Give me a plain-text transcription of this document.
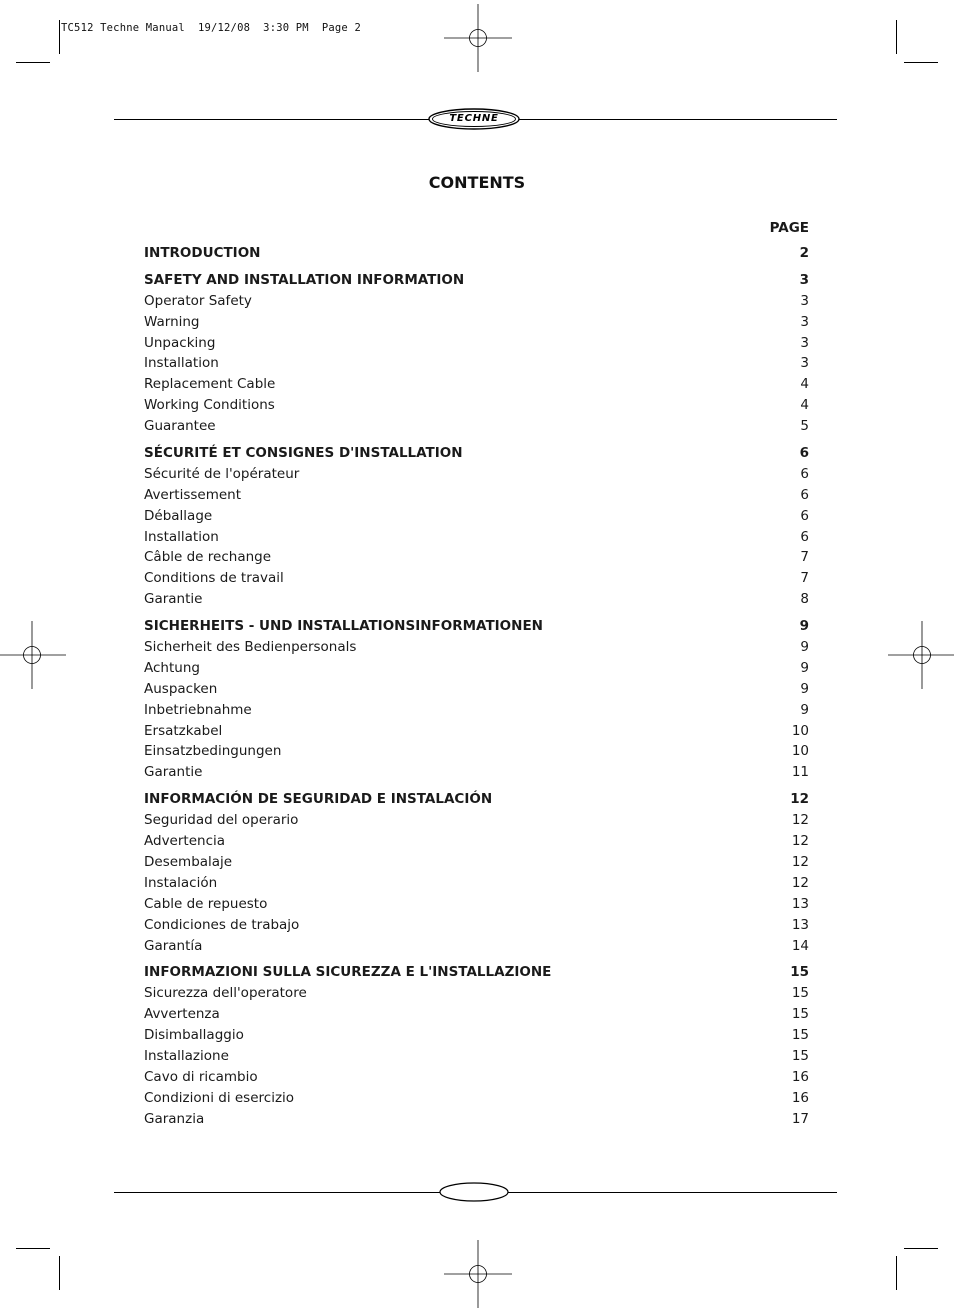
TC512 Techne Manual  19/12/08  3:30 PM  Page 2
TECHNE
CONTENTS
PAGE
INTRODUCTION	2
SAFETY AND INSTALLATION INFORMATION	3
Operator Safety	3
Warning	3
Unpacking	3
Installation	3
Replacement Cable	4
Working Conditions	4
Guarantee	5
SÉCURITÉ ET CONSIGNES D'INSTALLATION	6
Sécurité de l'opérateur	6
Avertissement	6
Déballage	6
Installation	6
Câble de rechange	7
Conditions de travail	7
Garantie	8
SICHERHEITS - UND INSTALLATIONSINFORMATIONEN	9
Sicherheit des Bedienpersonals	9
Achtung	9
Auspacken	9
Inbetriebnahme	9
Ersatzkabel	10
Einsatzbedingungen	10
Garantie	11
INFORMACIÓN DE SEGURIDAD E INSTALACIÓN	12
Seguridad del operario	12
Advertencia	12
Desembalaje	12
Instalación	12
Cable de repuesto	13
Condiciones de trabajo	13
Garantía	14
INFORMAZIONI SULLA SICUREZZA E L'INSTALLAZIONE	15
Sicurezza dell'operatore	15
Avvertenza	15
Disimballaggio	15
Installazione	15
Cavo di ricambio	16
Condizioni di esercizio	16
Garanzia	17
